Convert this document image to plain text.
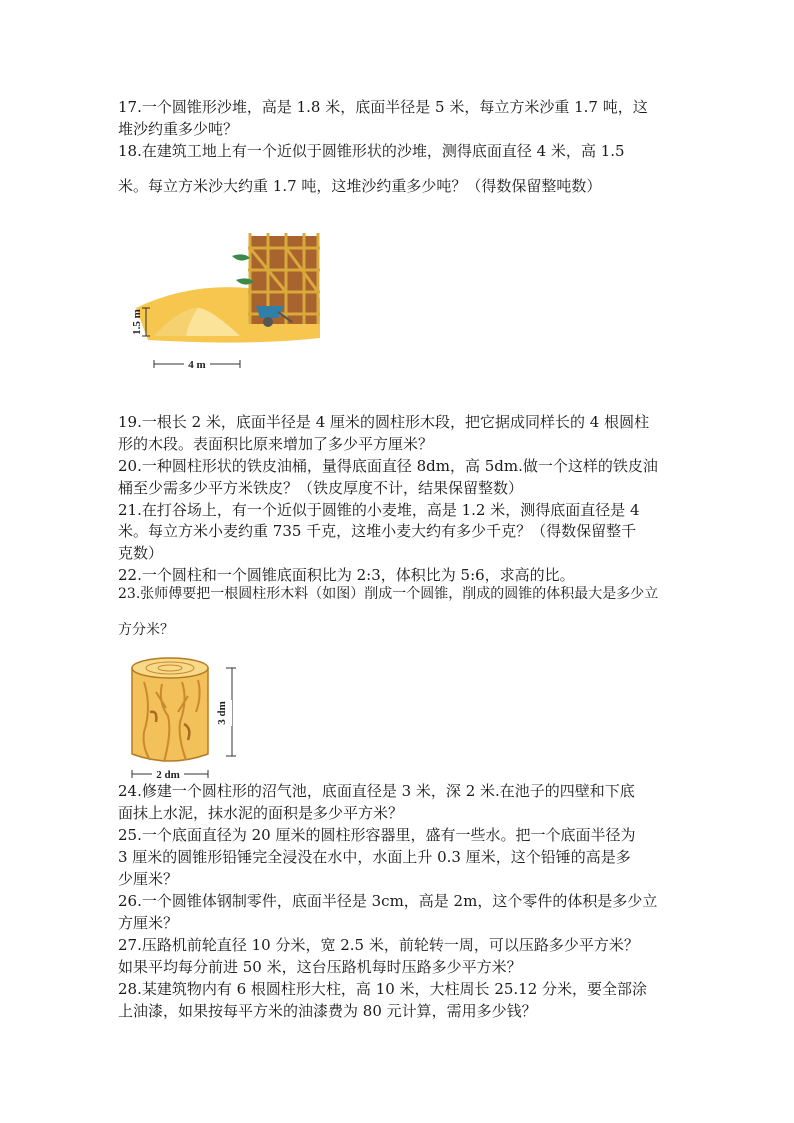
17.一个圆锥形沙堆，高是 1.8 米，底面半径是 5 米，每立方米沙重 1.7 吨，这
堆沙约重多少吨？
18.在建筑工地上有一个近似于圆锥形状的沙堆，测得底面直径 4 米，高 1.5
米。每立方米沙大约重 1.7 吨，这堆沙约重多少吨？（得数保留整吨数）
1.5 m
4 m
19.一根长 2 米，底面半径是 4 厘米的圆柱形木段，把它据成同样长的 4 根圆柱
形的木段。表面积比原来增加了多少平方厘米？
20.一种圆柱形状的铁皮油桶，量得底面直径 8dm，高 5dm.做一个这样的铁皮油
桶至少需多少平方米铁皮？（铁皮厚度不计，结果保留整数）
21.在打谷场上，有一个近似于圆锥的小麦堆，高是 1.2 米，测得底面直径是 4
米。每立方米小麦约重 735 千克，这堆小麦大约有多少千克？（得数保留整千
克数）
22.一个圆柱和一个圆锥底面积比为 2:3，体积比为 5:6，求高的比。
23.张师傅要把一根圆柱形木料（如图）削成一个圆锥，削成的圆锥的体积最大是多少立
方分米？
3 dm
2 dm
24.修建一个圆柱形的沼气池，底面直径是 3 米，深 2 米.在池子的四壁和下底
面抹上水泥，抹水泥的面积是多少平方米？
25.一个底面直径为 20 厘米的圆柱形容器里，盛有一些水。把一个底面半径为
3 厘米的圆锥形铅锤完全浸没在水中，水面上升 0.3 厘米，这个铅锤的高是多
少厘米？
26.一个圆锥体钢制零件，底面半径是 3cm，高是 2m，这个零件的体积是多少立
方厘米？
27.压路机前轮直径 10 分米，宽 2.5 米，前轮转一周，可以压路多少平方米？
如果平均每分前进 50 米，这台压路机每时压路多少平方米？
28.某建筑物内有 6 根圆柱形大柱，高 10 米，大柱周长 25.12 分米，要全部涂
上油漆，如果按每平方米的油漆费为 80 元计算，需用多少钱？
